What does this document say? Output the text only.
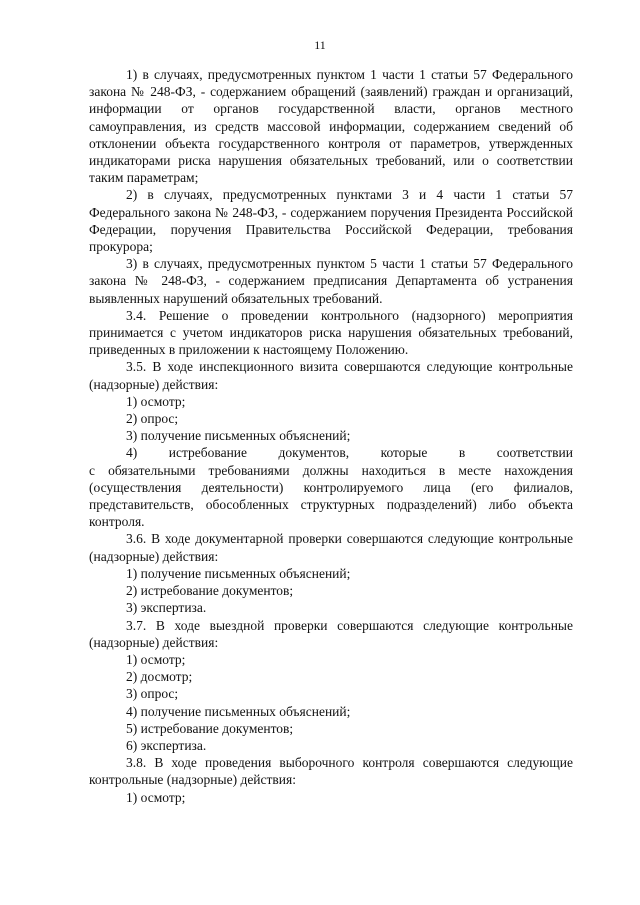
11

1) в случаях, предусмотренных пунктом 1 части 1 статьи 57 Федерального закона № 248-ФЗ, - содержанием обращений (заявлений) граждан и организаций, информации от органов государственной власти, органов местного самоуправления, из средств массовой информации, содержанием сведений об отклонении объекта государственного контроля от параметров, утвержденных индикаторами риска нарушения обязательных требований, или о соответствии таким параметрам;

2) в случаях, предусмотренных пунктами 3 и 4 части 1 статьи 57 Федерального закона № 248-ФЗ, - содержанием поручения Президента Российской Федерации, поручения Правительства Российской Федерации, требования прокурора;

3) в случаях, предусмотренных пунктом 5 части 1 статьи 57 Федерального закона № 248-ФЗ, - содержанием предписания Департамента об устранения выявленных нарушений обязательных требований.

3.4. Решение о проведении контрольного (надзорного) мероприятия принимается с учетом индикаторов риска нарушения обязательных требований, приведенных в приложении к настоящему Положению.

3.5. В ходе инспекционного визита совершаются следующие контрольные (надзорные) действия:

1) осмотр;

2) опрос;

3) получение письменных объяснений;

4) истребование документов, которые в соответствии

с обязательными требованиями должны находиться в месте нахождения (осуществления деятельности) контролируемого лица (его филиалов, представительств, обособленных структурных подразделений) либо объекта контроля.

3.6. В ходе документарной проверки совершаются следующие контрольные (надзорные) действия:

1) получение письменных объяснений;

2) истребование документов;

3) экспертиза.

3.7. В ходе выездной проверки совершаются следующие контрольные (надзорные) действия:

1) осмотр;

2) досмотр;

3) опрос;

4) получение письменных объяснений;

5) истребование документов;

6) экспертиза.

3.8. В ходе проведения выборочного контроля совершаются следующие контрольные (надзорные) действия:

1) осмотр;
